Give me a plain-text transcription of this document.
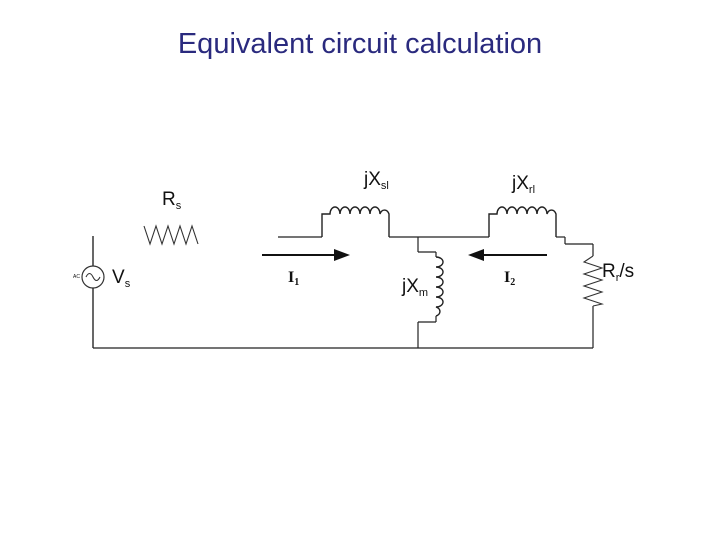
Equivalent circuit calculation
$R_s$
$jX_{sl}$	$jX_{rl}$
$V_s$
AC	I1	I2
$jX_m$
$R_r/s$
